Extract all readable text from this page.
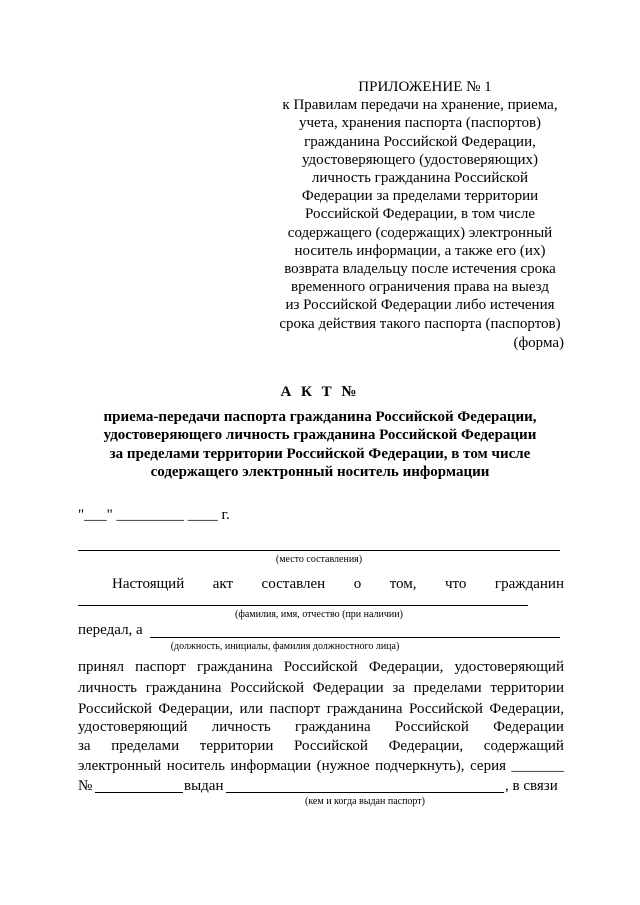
ПРИЛОЖЕНИЕ № 1
к Правилам передачи на хранение, приема,
учета, хранения паспорта (паспортов)
гражданина Российской Федерации,
удостоверяющего (удостоверяющих)
личность гражданина Российской
Федерации за пределами территории
Российской Федерации, в том числе
содержащего (содержащих) электронный
носитель информации, а также его (их)
возврата владельцу после истечения срока
временного ограничения права на выезд
из Российской Федерации либо истечения
срока действия такого паспорта (паспортов)
(форма)
А К Т №
приема-передачи паспорта гражданина Российской Федерации,
удостоверяющего личность гражданина Российской Федерации
за пределами территории Российской Федерации, в том числе
содержащего электронный носитель информации
"___" _________ ____ г.
(место составления)
Настоящий акт составлен о том, что гражданин
(фамилия, имя, отчество (при наличии)
передал, а
(должность, инициалы, фамилия должностного лица)
принял паспорт гражданина Российской Федерации, удостоверяющий
личность гражданина Российской Федерации за пределами территории
Российской Федерации, или паспорт гражданина Российской Федерации,
удостоверяющий личность гражданина Российской Федерации
за пределами территории Российской Федерации, содержащий
электронный носитель информации (нужное подчеркнуть), серия _______
№	выдан	, в связи
(кем и когда выдан паспорт)
